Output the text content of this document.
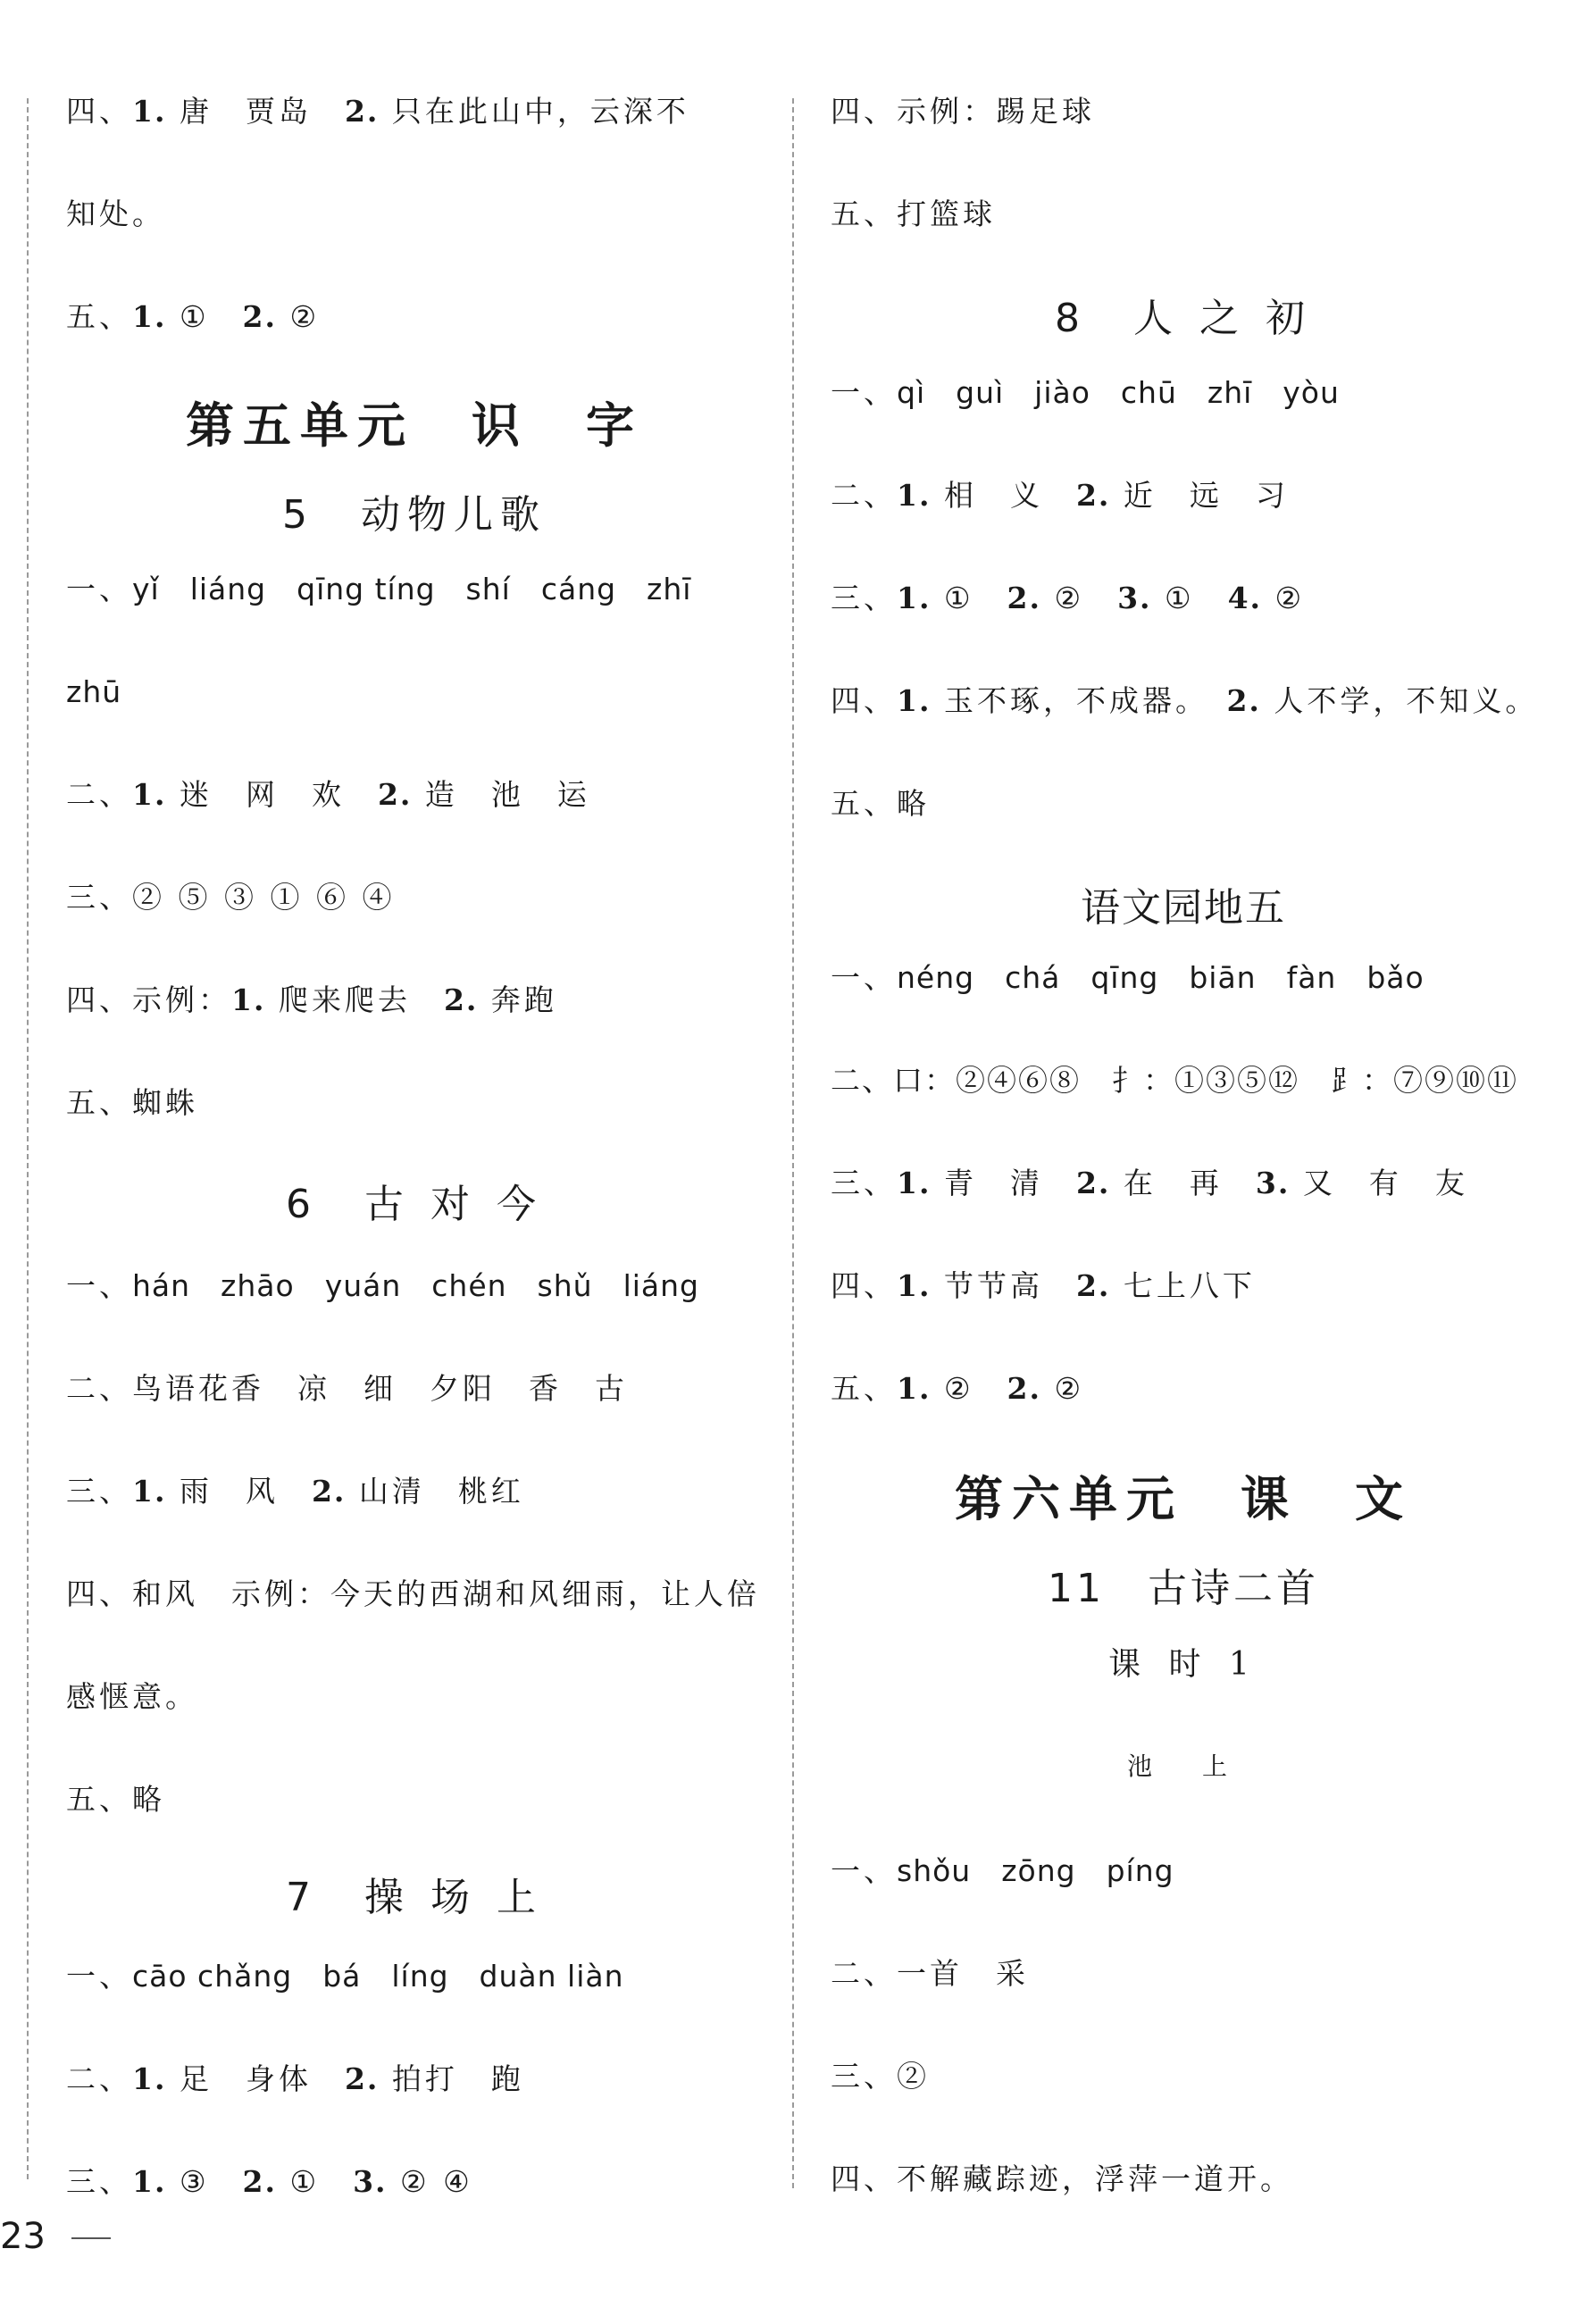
四、1. 唐　贾岛　2. 只在此山中，云深不
知处。
五、1. ①　2. ②
第五单元　识　字
5　动物儿歌
一、yǐ　liáng　qīng tíng　shí　cáng　zhī
zhū
二、1. 迷　网　欢　2. 造　池　运
三、② ⑤ ③ ① ⑥ ④
四、示例：1. 爬来爬去　2. 奔跑
五、蜘蛛
6　古 对 今
一、hán　zhāo　yuán　chén　shǔ　liáng
二、鸟语花香　凉　细　夕阳　香　古
三、1. 雨　风　2. 山清　桃红
四、和风　示例：今天的西湖和风细雨，让人倍
感惬意。
五、略
7　操 场 上
一、cāo chǎng　bá　líng　duàn liàn
二、1. 足　身体　2. 拍打　跑
三、1. ③　2. ①　3. ② ④
四、示例：踢足球
五、打篮球
8　人 之 初
一、qì　guì　jiào　chū　zhī　yòu
二、1. 相　义　2. 近　远　习
三、1. ①　2. ②　3. ①　4. ②
四、1. 玉不琢，不成器。　2. 人不学，不知义。
五、略
语文园地五
一、néng　chá　qīng　biān　fàn　bǎo
二、口：②④⑥⑧　扌：①③⑤⑫　⻊：⑦⑨⑩⑪
三、1. 青　清　2. 在　再　3. 又　有　友
四、1. 节节高　2. 七上八下
五、1. ②　2. ②
第六单元　课　文
11　古诗二首
课 时 1
池　上
一、shǒu　zōng　píng
二、一首　采
三、②
四、不解藏踪迹，浮萍一道开。
23
